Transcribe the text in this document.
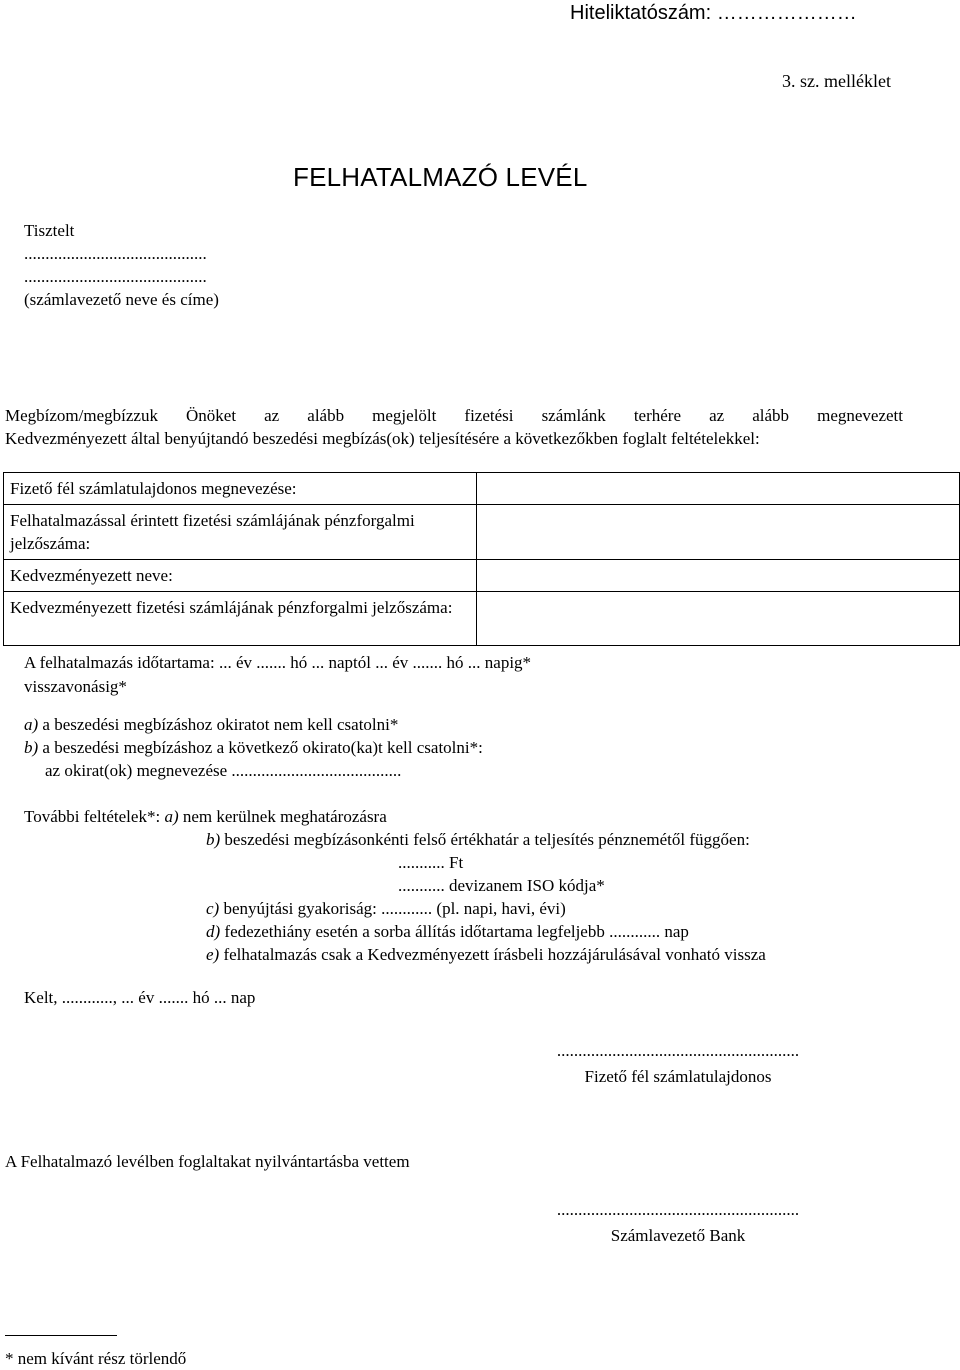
Hiteliktatószám: …………………
3. sz. melléklet
FELHATALMAZÓ LEVÉL
Tisztelt
...........................................
...........................................
(számlavezető neve és címe)
Megbízom/megbízzuk Önöket az alább megjelölt fizetési számlánk terhére az alább megnevezett
Kedvezményezett által benyújtandó beszedési megbízás(ok) teljesítésére a következőkben foglalt feltételekkel:
Fizető fél számlatulajdonos megnevezése:	
Felhatalmazással érintett fizetési számlájának pénzforgalmi jelzőszáma:	
Kedvezményezett neve:	
Kedvezményezett fizetési számlájának pénzforgalmi jelzőszáma:	
A felhatalmazás időtartama: ... év ....... hó ... naptól ... év ....... hó ... napig*
visszavonásig*
a) a beszedési megbízáshoz okiratot nem kell csatolni*
b) a beszedési megbízáshoz a következő okirato(ka)t kell csatolni*:
az okirat(ok) megnevezése ........................................
További feltételek*: a) nem kerülnek meghatározásra
b) beszedési megbízásonkénti felső értékhatár a teljesítés pénznemétől függően:
........... Ft
........... devizanem ISO kódja*
c) benyújtási gyakoriság: ............ (pl. napi, havi, évi)
d) fedezethiány esetén a sorba állítás időtartama legfeljebb ............ nap
e) felhatalmazás csak a Kedvezményezett írásbeli hozzájárulásával vonható vissza
Kelt, ............, ... év ....... hó ... nap
.........................................................
Fizető fél számlatulajdonos
A Felhatalmazó levélben foglaltakat nyilvántartásba vettem
.........................................................
Számlavezető Bank
* nem kívánt rész törlendő
